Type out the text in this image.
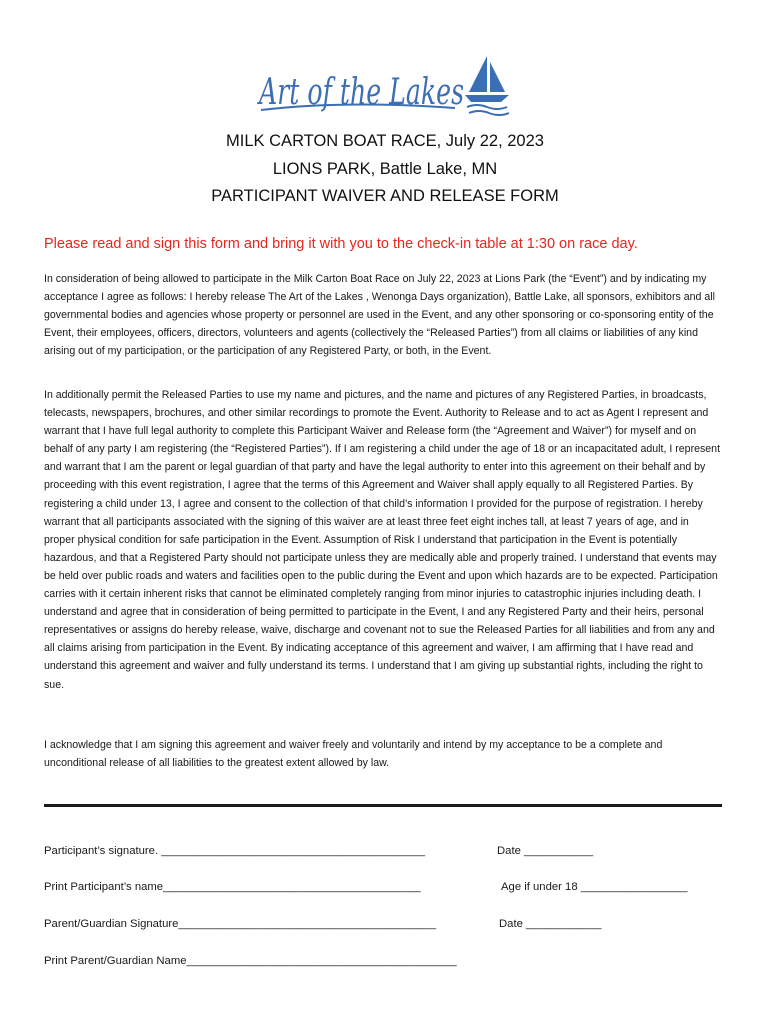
Art of the Lakes
MILK CARTON BOAT RACE, July 22, 2023
LIONS PARK, Battle Lake, MN
PARTICIPANT WAIVER AND RELEASE FORM
Please read and sign this form and bring it with you to the check-in table at 1:30 on race day.

In consideration of being allowed to participate in the Milk Carton Boat Race on July 22, 2023 at Lions Park (the “Event”) and by indicating my acceptance I agree as follows: I hereby release The Art of the Lakes , Wenonga Days organization), Battle Lake, all sponsors, exhibitors and all governmental bodies and agencies whose property or personnel are used in the Event, and any other sponsoring or co-sponsoring entity of the Event, their employees, officers, directors, volunteers and agents (collectively the “Released Parties”) from all claims or liabilities of any kind arising out of my participation, or the participation of any Registered Party, or both, in the Event.

In additionally permit the Released Parties to use my name and pictures, and the name and pictures of any Registered Parties, in broadcasts, telecasts, newspapers, brochures, and other similar recordings to promote the Event. Authority to Release and to act as Agent I represent and warrant that I have full legal authority to complete this Participant Waiver and Release form (the “Agreement and Waiver”) for myself and on behalf of any party I am registering (the “Registered Parties”). If I am registering a child under the age of 18 or an incapacitated adult, I represent and warrant that I am the parent or legal guardian of that party and have the legal authority to enter into this agreement on their behalf and by proceeding with this event registration, I agree that the terms of this Agreement and Waiver shall apply equally to all Registered Parties. By registering a child under 13, I agree and consent to the collection of that child’s information I provided for the purpose of registration. I hereby warrant that all participants associated with the signing of this waiver are at least three feet eight inches tall, at least 7 years of age, and in proper physical condition for safe participation in the Event. Assumption of Risk I understand that participation in the Event is potentially hazardous, and that a Registered Party should not participate unless they are medically able and properly trained. I understand that events may be held over public roads and waters and facilities open to the public during the Event and upon which hazards are to be expected. Participation carries with it certain inherent risks that cannot be eliminated completely ranging from minor injuries to catastrophic injuries including death. I understand and agree that in consideration of being permitted to participate in the Event, I and any Registered Party and their heirs, personal representatives or assigns do hereby release, waive, discharge and covenant not to sue the Released Parties for all liabilities and from any and all claims arising from participation in the Event. By indicating acceptance of this agreement and waiver, I am affirming that I have read and understand this agreement and waiver and fully understand its terms. I understand that I am giving up substantial rights, including the right to sue.

I acknowledge that I am signing this agreement and waiver freely and voluntarily and intend by my acceptance to be a complete and unconditional release of all liabilities to the greatest extent allowed by law.

Participant’s signature. __________________________________________	Date ___________
Print Participant’s name_________________________________________	Age if under 18 _________________
Parent/Guardian Signature_________________________________________	Date ____________
Print Parent/Guardian Name___________________________________________
